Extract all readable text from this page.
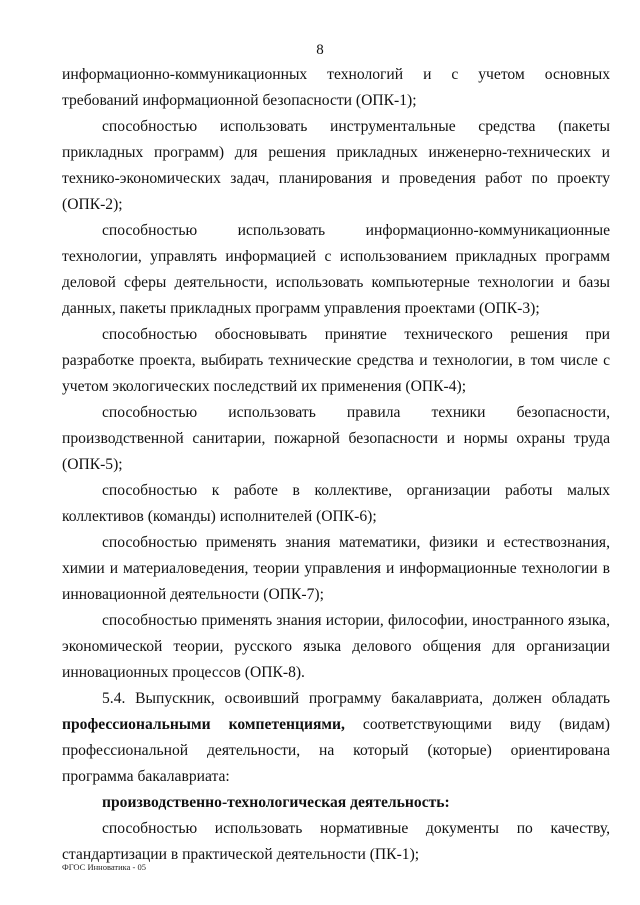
8

информационно-коммуникационных технологий и с учетом основных требований информационной безопасности (ОПК-1);

способностью использовать инструментальные средства (пакеты прикладных программ) для решения прикладных инженерно-технических и технико-экономических задач, планирования и проведения работ по проекту (ОПК-2);

способностью использовать информационно-коммуникационные технологии, управлять информацией с использованием прикладных программ деловой сферы деятельности, использовать компьютерные технологии и базы данных, пакеты прикладных программ управления проектами (ОПК-3);

способностью обосновывать принятие технического решения при разработке проекта, выбирать технические средства и технологии, в том числе с учетом экологических последствий их применения (ОПК-4);

способностью использовать правила техники безопасности, производственной санитарии, пожарной безопасности и нормы охраны труда (ОПК-5);

способностью к работе в коллективе, организации работы малых коллективов (команды) исполнителей (ОПК-6);

способностью применять знания математики, физики и естествознания, химии и материаловедения, теории управления и информационные технологии в инновационной деятельности (ОПК-7);

способностью применять знания истории, философии, иностранного языка, экономической теории, русского языка делового общения для организации инновационных процессов (ОПК-8).

5.4. Выпускник, освоивший программу бакалавриата, должен обладать профессиональными компетенциями, соответствующими виду (видам) профессиональной деятельности, на который (которые) ориентирована программа бакалавриата:

производственно-технологическая деятельность:

способностью использовать нормативные документы по качеству, стандартизации в практической деятельности (ПК-1);

ФГОС Инноватика - 05
